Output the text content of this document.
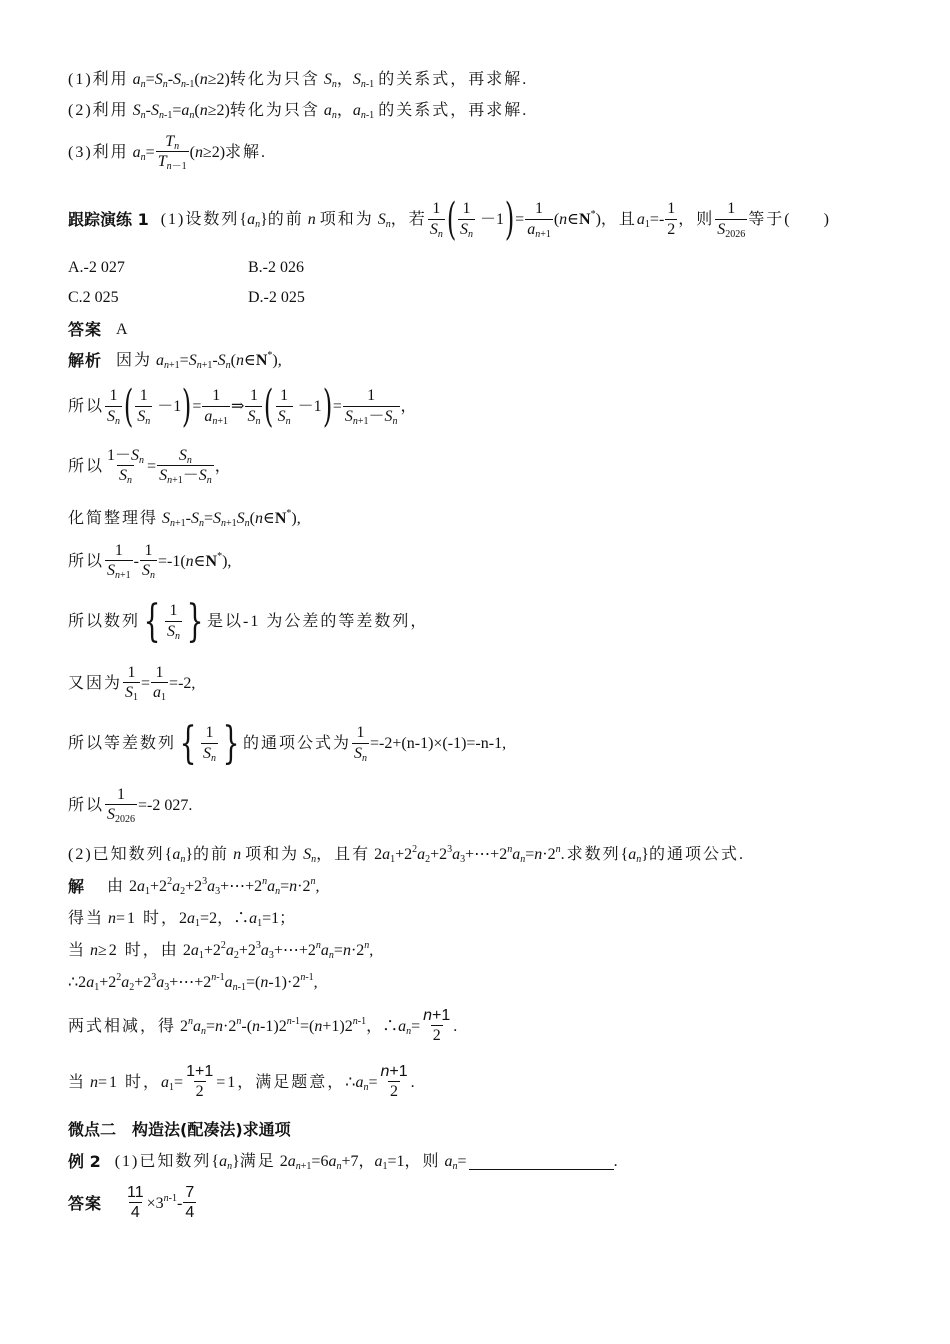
(1)利用 $a_n=S_n-S_{n-1}(n\ge 2)$ 转化为只含 $S_n$，$S_{n-1}$ 的关系式，再求解.
(2)利用 $S_n-S_{n-1}=a_n(n\ge 2)$ 转化为只含 $a_n$，$a_{n-1}$ 的关系式，再求解.
(3)利用 $a_n= \frac{T_n}{T_{n-1}} (n\ge 2)$ 求解.
跟踪演练 1 (1)设数列 $\{a_n\}$ 的前 n 项和为 $S_n$ ，若 $\frac{1}{S_n}$ ( $\frac{1}{S_n} -1$ ) = $\frac{1}{a_{n+1}}$ (n∈N*) ，且 $a_1=- \frac{1}{2}$ ，则 $\frac{1}{S_{2026}}$ 等于( )
A.-2 027	B.-2 026
C.2 025	D.-2 025
答案 A
解析 因为 $a_{n+1}=S_{n+1}-S_n(n\in N^*)$,
所以 $\frac{1}{S_n}$ ( $\frac{1}{S_n} -1$ ) = $\frac{1}{a_{n+1}}$ ⇒ $\frac{1}{S_n}$ ( $\frac{1}{S_n} -1$ ) = $\frac{1}{S_{n+1}-S_n}$ ，
所以 $\frac{1-S_n}{S_n} = \frac{S_n}{S_{n+1}-S_n}$ ，
化简整理得 $S_{n+1}-S_n=S_{n+1}S_n(n\in N^*)$,
所以 $\frac{1}{S_{n+1}} - \frac{1}{S_n}$ =-1(n∈N*),
所以数列 { $\frac{1}{S_n}$ } 是以-1 为公差的等差数列，
又因为 $\frac{1}{S_1} = \frac{1}{a_1} =-2$,
所以等差数列 { $\frac{1}{S_n}$ } 的通项公式为 $\frac{1}{S_n} =-2+(n-1)\times(-1)=-n-1$,
所以 $\frac{1}{S_{2026}} =-2$ 027.
(2)已知数列 $\{a_n\}$ 的前 n 项和为 $S_n$ ，且有 $2a_1+2^2a_2+2^3a_3+\cdots+2^na_n=n\cdot 2^n$ .求数列 $\{a_n\}$ 的通项公式.
解 由 $2a_1+2^2a_2+2^3a_3+\cdots+2^na_n=n\cdot 2^n$,
得当 n =1 时， $2a_1=2$，$\therefore a_1=1$；
当 n ≥2 时，由 $2a_1+2^2a_2+2^3a_3+\cdots+2^na_n=n\cdot 2^n$,
$\therefore 2a_1+2^2a_2+2^3a_3+\cdots+2^{n-1}a_{n-1}=(n-1)\cdot 2^{n-1}$,
两式相减，得 $2^na_n=n\cdot 2^n-(n-1)2^{n-1}=(n+1)2^{n-1}$，$\therefore a_n= \frac{n+1}{2}$ .
当 n =1 时， $a_1= \frac{1+1}{2} =1$，满足题意， $\therefore a_n= \frac{n+1}{2}$ .
微点二　构造法(配凑法)求通项
例 2 (1)已知数列 $\{a_n\}$ 满足 $2a_{n+1}=6a_n+7$ ， $a_1=1$ ，则 $a_n=$	.
答案 $\frac{11}{4} \times 3^{n-1}- \frac{7}{4}$
